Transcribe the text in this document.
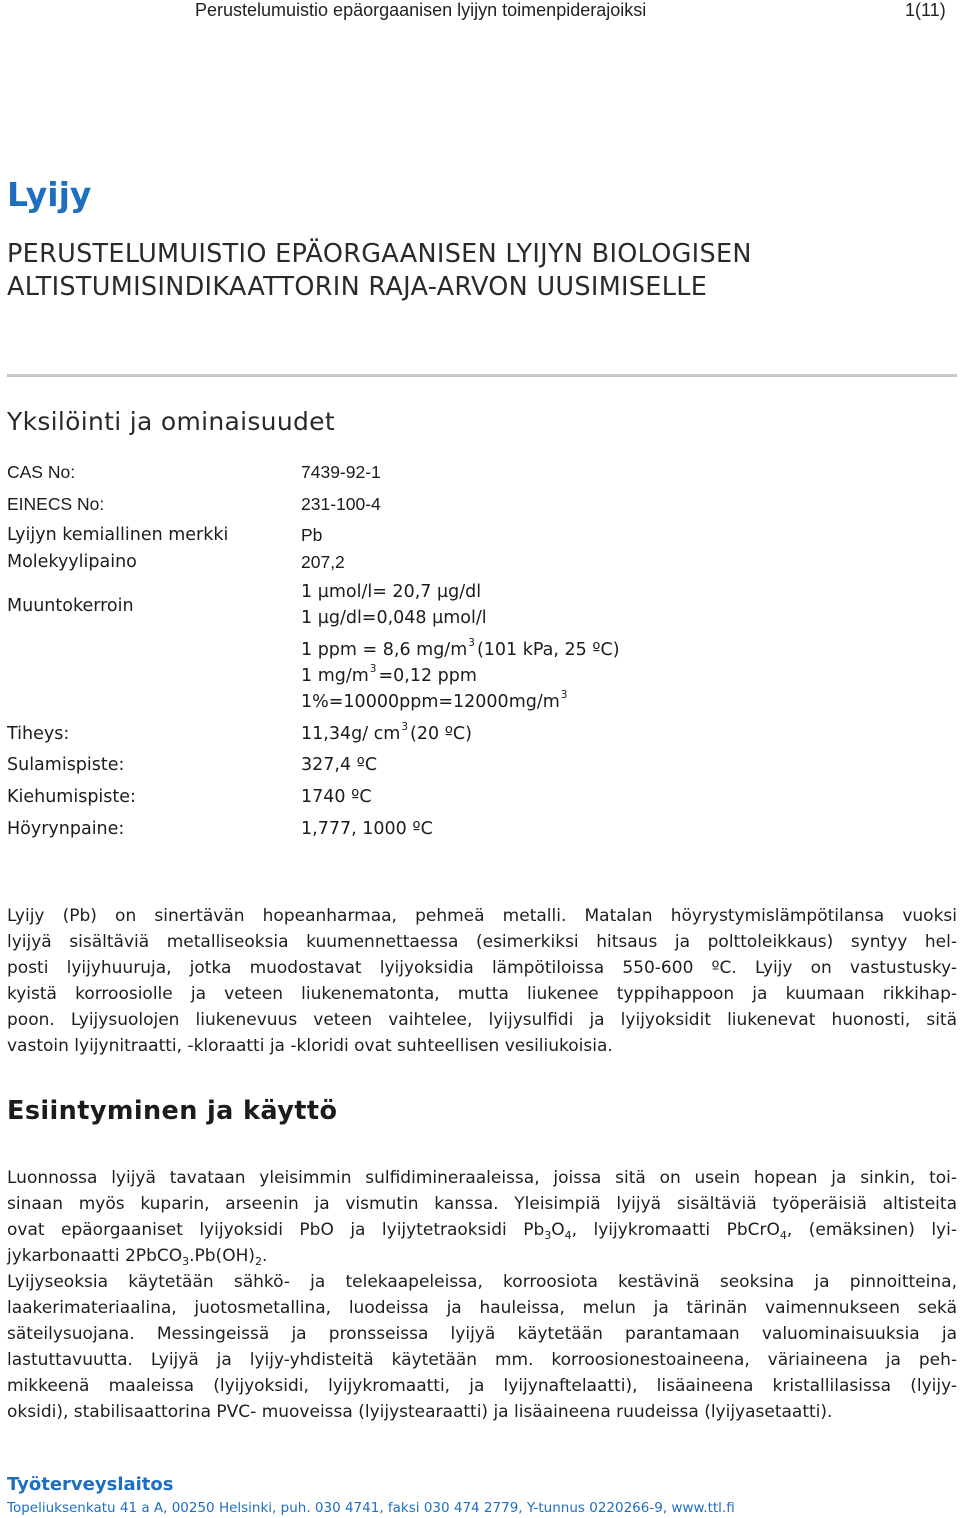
Perustelumuistio epäorgaanisen lyijyn toimenpiderajoiksi	1(11)
Lyijy
PERUSTELUMUISTIO EPÄORGAANISEN LYIJYN BIOLOGISEN
ALTISTUMISINDIKAATTORIN RAJA-ARVON UUSIMISELLE
Yksilöinti ja ominaisuudet
CAS No:	7439-92-1
EINECS No:	231-100-4
Lyijyn kemiallinen merkki	Pb
Molekyylipaino	207,2
Muuntokerroin
1 µmol/l= 20,7 µg/dl
1 µg/dl=0,048 µmol/l
1 ppm = 8,6 $mg/m^3$ (101 kPa, 25 ºC)
1 $mg/m^3 =0,12$ ppm
$1\%=10000ppm=12000mg/m^3$
Tiheys:	11,34g/ $cm^3$ (20 ºC)
Sulamispiste:	327,4 ºC
Kiehumispiste:	1740 ºC
Höyrynpaine:	1,777, 1000 ºC
Lyijy (Pb) on sinertävän hopeanharmaa, pehmeä metalli. Matalan höyrystymislämpötilansa vuoksi
lyijyä sisältäviä metalliseoksia kuumennettaessa (esimerkiksi hitsaus ja polttoleikkaus) syntyy hel-
posti lyijyhuuruja, jotka muodostavat lyijyoksidia lämpötiloissa 550-600 ºC. Lyijy on vastustusky-
kyistä korroosiolle ja veteen liukenematonta, mutta liukenee typpihappoon ja kuumaan rikkihap-
poon. Lyijysuolojen liukenevuus veteen vaihtelee, lyijysulfidi ja lyijyoksidit liukenevat huonosti, sitä
vastoin lyijynitraatti, -kloraatti ja -kloridi ovat suhteellisen vesiliukoisia.
Esiintyminen ja käyttö
Luonnossa lyijyä tavataan yleisimmin sulfidimineraaleissa, joissa sitä on usein hopean ja sinkin, toi-
sinaan myös kuparin, arseenin ja vismutin kanssa. Yleisimpiä lyijyä sisältäviä työperäisiä altisteita
ovat epäorgaaniset lyijyoksidi PbO ja lyijytetraoksidi $Pb_3O_4$, lyijykromaatti PbCrO$_4$, (emäksinen) lyi-
jykarbonaatti $2PbCO_3.Pb(OH)_2$.
Lyijyseoksia käytetään sähkö- ja telekaapeleissa, korroosiota kestävinä seoksina ja pinnoitteina,
laakerimateriaalina, juotosmetallina, luodeissa ja hauleissa, melun ja tärinän vaimennukseen sekä
säteilysuojana. Messingeissä ja pronsseissa lyijyä käytetään parantamaan valuominaisuuksia ja
lastuttavuutta. Lyijyä ja lyijy-yhdisteitä käytetään mm. korroosionestoaineena, väriaineena ja peh-
mikkeenä maaleissa (lyijyoksidi, lyijykromaatti, ja lyijynaftelaatti), lisäaineena kristallilasissa (lyijy-
oksidi), stabilisaattorina PVC- muoveissa (lyijystearaatti) ja lisäaineena ruudeissa (lyijyasetaatti).
Työterveyslaitos
Topeliuksenkatu 41 a A, 00250 Helsinki, puh. 030 4741, faksi 030 474 2779, Y-tunnus 0220266-9, www.ttl.fi
